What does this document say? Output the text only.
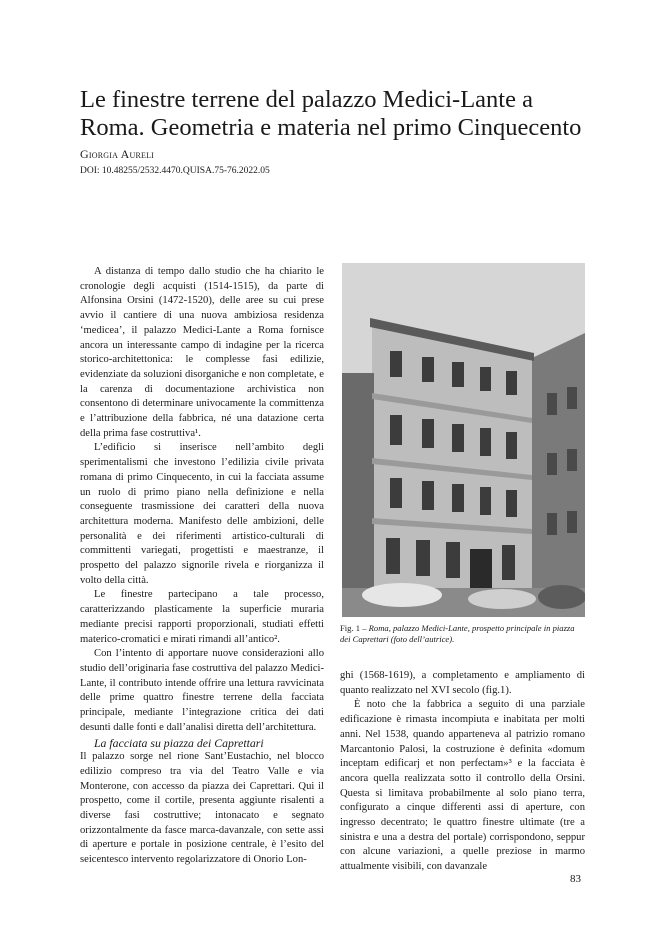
Le finestre terrene del palazzo Medici-Lante a Roma. Geometria e materia nel primo Cinquecento
Giorgia Aureli
DOI: 10.48255/2532.4470.QUISA.75-76.2022.05

A distanza di tempo dallo studio che ha chiarito le cronologie degli acquisti (1514-1515), da parte di Alfonsina Orsini (1472-1520), delle aree su cui prese avvio il cantiere di una nuova ambiziosa residenza ‘medicea’, il palazzo Medici-Lante a Roma fornisce ancora un interessante campo di indagine per la ricerca storico-architettonica: le complesse fasi edilizie, evidenziate da soluzioni disorganiche e non completate, e la carenza di documentazione archivistica non consentono di determinare univocamente la committenza e l’attribuzione della fabbrica, né una datazione certa della prima fase costruttiva¹.

L’edificio si inserisce nell’ambito degli sperimentalismi che investono l’edilizia civile privata romana di primo Cinquecento, in cui la facciata assume un ruolo di primo piano nella definizione e nella conseguente trasmissione dei caratteri della nuova architettura moderna. Manifesto delle ambizioni, delle personalità e dei riferimenti artistico-culturali di committenti variegati, progettisti e maestranze, il prospetto del palazzo signorile rivela e riorganizza il volto della città.

Le finestre partecipano a tale processo, caratterizzando plasticamente la superficie muraria mediante precisi rapporti proporzionali, studiati effetti materico-cromatici e mirati rimandi all’antico².

Con l’intento di apportare nuove considerazioni allo studio dell’originaria fase costruttiva del palazzo Medici-Lante, il contributo intende offrire una lettura ravvicinata delle prime quattro finestre terrene della facciata principale, mediante l’integrazione critica dei dati desunti dalle fonti e dall’analisi diretta dell’architettura.

La facciata su piazza dei Caprettari

Il palazzo sorge nel rione Sant’Eustachio, nel blocco edilizio compreso tra via del Teatro Valle e via Monterone, con accesso da piazza dei Caprettari. Qui il prospetto, come il cortile, presenta aggiunte risalenti a diverse fasi costruttive; intonacato e segnato orizzontalmente da fasce marca-davanzale, con sette assi di aperture e portale in posizione centrale, è l’esito del seicentesco intervento regolarizzatore di Onorio Lon-

Fig. 1 – Roma, palazzo Medici-Lante, prospetto principale in piazza dei Caprettari (foto dell’autrice).

ghi (1568-1619), a completamento e ampliamento di quanto realizzato nel XVI secolo (fig.1).

È noto che la fabbrica a seguito di una parziale edificazione è rimasta incompiuta e inabitata per molti anni. Nel 1538, quando apparteneva al patrizio romano Marcantonio Palosi, la costruzione è definita «domum inceptam edificarj et non perfectam»³ e la facciata è ancora quella realizzata sotto il controllo della Orsini. Questa si limitava probabilmente al solo piano terra, configurato a cinque differenti assi di aperture, con ingresso decentrato; le quattro finestre ultimate (tre a sinistra e una a destra del portale) corrispondono, seppur con alcune variazioni, a quelle preziose in marmo attualmente visibili, con davanzale

83
